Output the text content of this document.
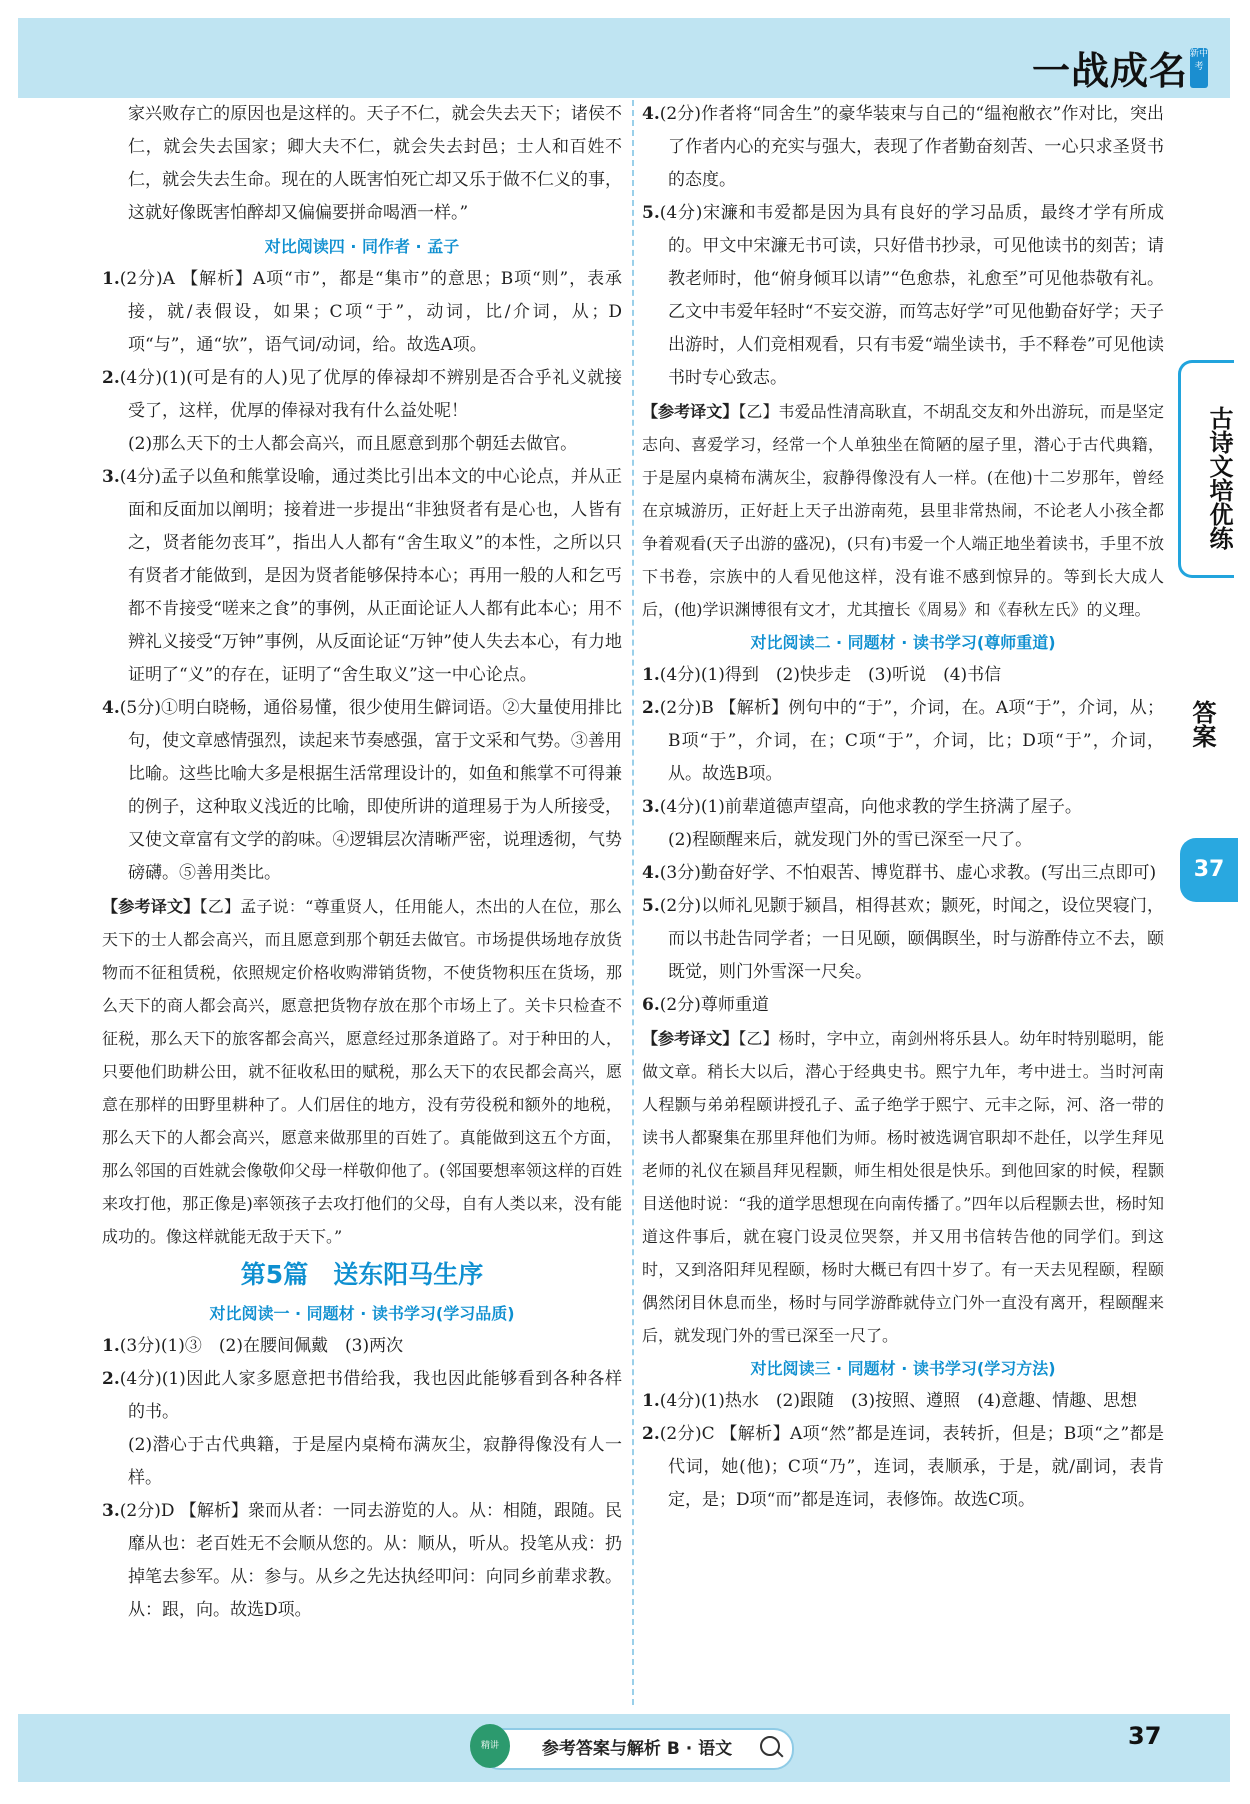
一战成名 新中考

家兴败存亡的原因也是这样的。天子不仁，就会失去天下；诸侯不仁，就会失去国家；卿大夫不仁，就会失去封邑；士人和百姓不仁，就会失去生命。现在的人既害怕死亡却又乐于做不仁义的事，这就好像既害怕醉却又偏偏要拼命喝酒一样。”

对比阅读四 · 同作者 · 孟子

1.(2分)A 【解析】A项“市”，都是“集市”的意思；B项“则”，表承接，就/表假设，如果；C项“于”，动词，比/介词，从；D项“与”，通“欤”，语气词/动词，给。故选A项。

2.(4分)(1)(可是有的人)见了优厚的俸禄却不辨别是否合乎礼义就接受了，这样，优厚的俸禄对我有什么益处呢！

(2)那么天下的士人都会高兴，而且愿意到那个朝廷去做官。

3.(4分)孟子以鱼和熊掌设喻，通过类比引出本文的中心论点，并从正面和反面加以阐明；接着进一步提出“非独贤者有是心也，人皆有之，贤者能勿丧耳”，指出人人都有“舍生取义”的本性，之所以只有贤者才能做到，是因为贤者能够保持本心；再用一般的人和乞丐都不肯接受“嗟来之食”的事例，从正面论证人人都有此本心；用不辨礼义接受“万钟”事例，从反面论证“万钟”使人失去本心，有力地证明了“义”的存在，证明了“舍生取义”这一中心论点。

4.(5分)①明白晓畅，通俗易懂，很少使用生僻词语。②大量使用排比句，使文章感情强烈，读起来节奏感强，富于文采和气势。③善用比喻。这些比喻大多是根据生活常理设计的，如鱼和熊掌不可得兼的例子，这种取义浅近的比喻，即使所讲的道理易于为人所接受，又使文章富有文学的韵味。④逻辑层次清晰严密，说理透彻，气势磅礴。⑤善用类比。

【参考译文】【乙】孟子说：“尊重贤人，任用能人，杰出的人在位，那么天下的士人都会高兴，而且愿意到那个朝廷去做官。市场提供场地存放货物而不征租赁税，依照规定价格收购滞销货物，不使货物积压在货场，那么天下的商人都会高兴，愿意把货物存放在那个市场上了。关卡只检查不征税，那么天下的旅客都会高兴，愿意经过那条道路了。对于种田的人，只要他们助耕公田，就不征收私田的赋税，那么天下的农民都会高兴，愿意在那样的田野里耕种了。人们居住的地方，没有劳役税和额外的地税，那么天下的人都会高兴，愿意来做那里的百姓了。真能做到这五个方面，那么邻国的百姓就会像敬仰父母一样敬仰他了。(邻国要想率领这样的百姓来攻打他，那正像是)率领孩子去攻打他们的父母，自有人类以来，没有能成功的。像这样就能无敌于天下。”

第5篇　送东阳马生序

对比阅读一 · 同题材 · 读书学习(学习品质)

1.(3分)(1)③　(2)在腰间佩戴　(3)两次

2.(4分)(1)因此人家多愿意把书借给我，我也因此能够看到各种各样的书。

(2)潜心于古代典籍，于是屋内桌椅布满灰尘，寂静得像没有人一样。

3.(2分)D 【解析】衆而从者：一同去游览的人。从：相随，跟随。民靡从也：老百姓无不会顺从您的。从：顺从，听从。投笔从戎：扔掉笔去参军。从：参与。从乡之先达执经叩问：向同乡前辈求教。从：跟，向。故选D项。

4.(2分)作者将“同舍生”的豪华装束与自己的“缊袍敝衣”作对比，突出了作者内心的充实与强大，表现了作者勤奋刻苦、一心只求圣贤书的态度。

5.(4分)宋濂和韦爱都是因为具有良好的学习品质，最终才学有所成的。甲文中宋濂无书可读，只好借书抄录，可见他读书的刻苦；请教老师时，他“俯身倾耳以请”“色愈恭，礼愈至”可见他恭敬有礼。乙文中韦爱年轻时“不妄交游，而笃志好学”可见他勤奋好学；天子出游时，人们竞相观看，只有韦爱“端坐读书，手不释卷”可见他读书时专心致志。

【参考译文】【乙】韦爱品性清高耿直，不胡乱交友和外出游玩，而是坚定志向、喜爱学习，经常一个人单独坐在简陋的屋子里，潜心于古代典籍，于是屋内桌椅布满灰尘，寂静得像没有人一样。(在他)十二岁那年，曾经在京城游历，正好赶上天子出游南苑，县里非常热闹，不论老人小孩全都争着观看(天子出游的盛况)，(只有)韦爱一个人端正地坐着读书，手里不放下书卷，宗族中的人看见他这样，没有谁不感到惊异的。等到长大成人后，(他)学识渊博很有文才，尤其擅长《周易》和《春秋左氏》的义理。

对比阅读二 · 同题材 · 读书学习(尊师重道)

1.(4分)(1)得到　(2)快步走　(3)听说　(4)书信

2.(2分)B 【解析】例句中的“于”，介词，在。A项“于”，介词，从；B项“于”，介词，在；C项“于”，介词，比；D项“于”，介词，从。故选B项。

3.(4分)(1)前辈道德声望高，向他求教的学生挤满了屋子。

(2)程颐醒来后，就发现门外的雪已深至一尺了。

4.(3分)勤奋好学、不怕艰苦、博览群书、虚心求教。(写出三点即可)

5.(2分)以师礼见颢于颍昌，相得甚欢；颢死，时闻之，设位哭寝门，而以书赴告同学者；一日见颐，颐偶瞑坐，时与游酢侍立不去，颐既觉，则门外雪深一尺矣。

6.(2分)尊师重道

【参考译文】【乙】杨时，字中立，南剑州将乐县人。幼年时特别聪明，能做文章。稍长大以后，潜心于经典史书。熙宁九年，考中进士。当时河南人程颢与弟弟程颐讲授孔子、孟子绝学于熙宁、元丰之际，河、洛一带的读书人都聚集在那里拜他们为师。杨时被选调官职却不赴任，以学生拜见老师的礼仪在颍昌拜见程颢，师生相处很是快乐。到他回家的时候，程颢目送他时说：“我的道学思想现在向南传播了。”四年以后程颢去世，杨时知道这件事后，就在寝门设灵位哭祭，并又用书信转告他的同学们。到这时，又到洛阳拜见程颐，杨时大概已有四十岁了。有一天去见程颐，程颐偶然闭目休息而坐，杨时与同学游酢就侍立门外一直没有离开，程颐醒来后，就发现门外的雪已深至一尺了。

对比阅读三 · 同题材 · 读书学习(学习方法)

1.(4分)(1)热水　(2)跟随　(3)按照、遵照　(4)意趣、情趣、思想

2.(2分)C 【解析】A项“然”都是连词，表转折，但是；B项“之”都是代词，她(他)；C项“乃”，连词，表顺承，于是，就/副词，表肯定，是；D项“而”都是连词，表修饰。故选C项。

古诗文培优练
答案
37
参考答案与解析 B · 语文
精讲	37
